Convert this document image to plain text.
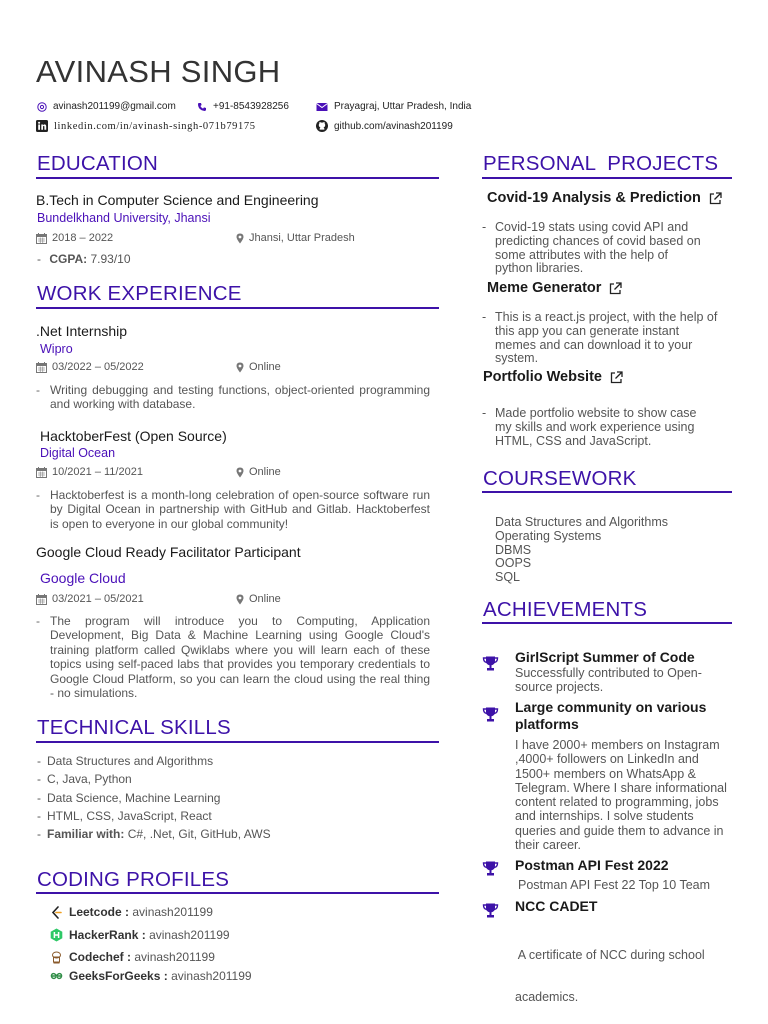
AVINASH SINGH
avinash201199@gmail.com	+91-8543928256	Prayagraj, Uttar Pradesh, India
linkedin.com/in/avinash-singh-071b79175	github.com/avinash201199
EDUCATION
B.Tech in Computer Science and Engineering
Bundelkhand University, Jhansi
2018 – 2022	Jhansi, Uttar Pradesh
- CGPA: 7.93/10
WORK EXPERIENCE
.Net Internship
Wipro
03/2022 – 05/2022	Online
- Writing debugging and testing functions, object-oriented programming and working with database.
HacktoberFest (Open Source)
Digital Ocean
10/2021 – 11/2021	Online
- Hacktoberfest is a month-long celebration of open-source software run by Digital Ocean in partnership with GitHub and Gitlab. Hacktoberfest is open to everyone in our global community!
Google Cloud Ready Facilitator Participant
Google Cloud
03/2021 – 05/2021	Online
- The program will introduce you to Computing, Application Development, Big Data & Machine Learning using Google Cloud's training platform called Qwiklabs where you will learn each of these topics using self-paced labs that provides you temporary credentials to Google Cloud Platform, so you can learn the cloud using the real thing - no simulations.
TECHNICAL SKILLS
- Data Structures and Algorithms
- C, Java, Python
- Data Science, Machine Learning
- HTML, CSS, JavaScript, React
- Familiar with: C#, .Net, Git, GitHub, AWS
CODING PROFILES
Leetcode : avinash201199
HackerRank : avinash201199
Codechef : avinash201199
GeeksForGeeks : avinash201199
PERSONAL  PROJECTS
Covid-19 Analysis & Prediction
- Covid-19 stats using covid API and
predicting chances of covid based on
some attributes with the help of
python libraries.
Meme Generator
- This is a react.js project, with the help of
this app you can generate instant
memes and can download it to your
system.
Portfolio Website
- Made portfolio website to show case
my skills and work experience using
HTML, CSS and JavaScript.
COURSEWORK
Data Structures and Algorithms
Operating Systems
DBMS
OOPS
SQL
ACHIEVEMENTS
GirlScript Summer of Code
Successfully contributed to Open-
source projects.
Large community on various
platforms
I have 2000+ members on Instagram
,4000+ followers on LinkedIn and
1500+ members on WhatsApp &
Telegram. Where I share informational
content related to programming, jobs
and internships. I solve students
queries and guide them to advance in
their career.
Postman API Fest 2022
Postman API Fest 22 Top 10 Team
NCC CADET

A certificate of NCC during school

academics.
